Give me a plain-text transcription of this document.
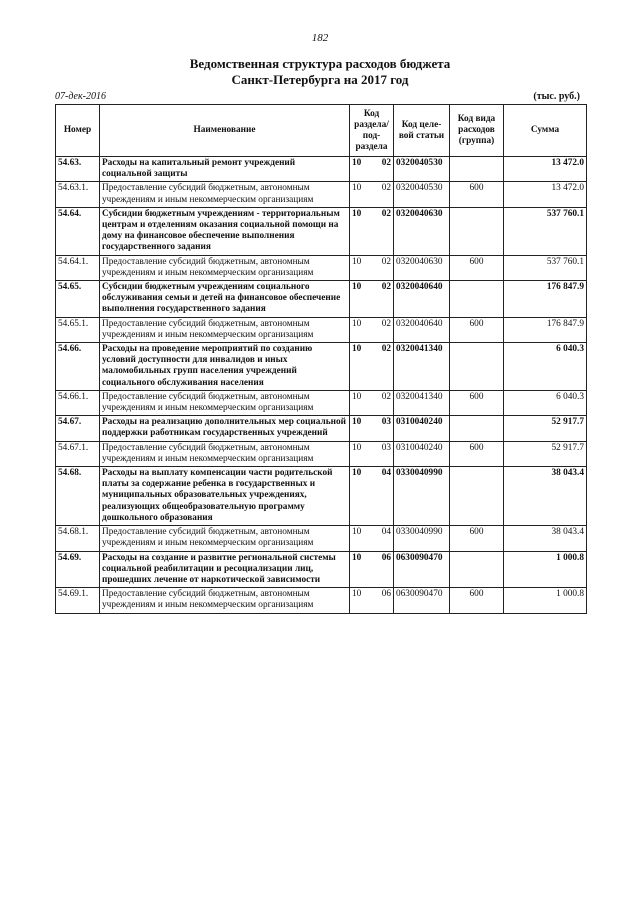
182
Ведомственная структура расходов бюджета
Санкт-Петербурга на 2017 год
07-дек-2016	(тыс. руб.)
Номер	Наименование	Код раздела/ под- раздела	Код целе- вой статьи	Код вида расходов (группа)	Сумма
54.63.	Расходы на капитальный ремонт учреждений социальной защиты	10 02	0320040530		13 472.0
54.63.1.	Предоставление субсидий бюджетным, автономным учреждениям и иным некоммерческим организациям	10 02	0320040530	600	13 472.0
54.64.	Субсидии бюджетным учреждениям - территориальным центрам и отделениям оказания социальной помощи на дому на финансовое обеспечение выполнения государственного задания	10 02	0320040630		537 760.1
54.64.1.	Предоставление субсидий бюджетным, автономным учреждениям и иным некоммерческим организациям	10 02	0320040630	600	537 760.1
54.65.	Субсидии бюджетным учреждениям социального обслуживания семьи и детей на финансовое обеспечение выполнения государственного задания	10 02	0320040640		176 847.9
54.65.1.	Предоставление субсидий бюджетным, автономным учреждениям и иным некоммерческим организациям	10 02	0320040640	600	176 847.9
54.66.	Расходы на проведение мероприятий по созданию условий доступности для инвалидов и иных маломобильных групп населения учреждений социального обслуживания населения	10 02	0320041340		6 040.3
54.66.1.	Предоставление субсидий бюджетным, автономным учреждениям и иным некоммерческим организациям	10 02	0320041340	600	6 040.3
54.67.	Расходы на реализацию дополнительных мер социальной поддержки работникам государственных учреждений	10 03	0310040240		52 917.7
54.67.1.	Предоставление субсидий бюджетным, автономным учреждениям и иным некоммерческим организациям	10 03	0310040240	600	52 917.7
54.68.	Расходы на выплату компенсации части родительской платы за содержание ребенка в государственных и муниципальных образовательных учреждениях, реализующих общеобразовательную программу дошкольного образования	10 04	0330040990		38 043.4
54.68.1.	Предоставление субсидий бюджетным, автономным учреждениям и иным некоммерческим организациям	10 04	0330040990	600	38 043.4
54.69.	Расходы на создание и развитие региональной системы социальной реабилитации и ресоциализации лиц, прошедших лечение от наркотической зависимости	10 06	0630090470		1 000.8
54.69.1.	Предоставление субсидий бюджетным, автономным учреждениям и иным некоммерческим организациям	10 06	0630090470	600	1 000.8
